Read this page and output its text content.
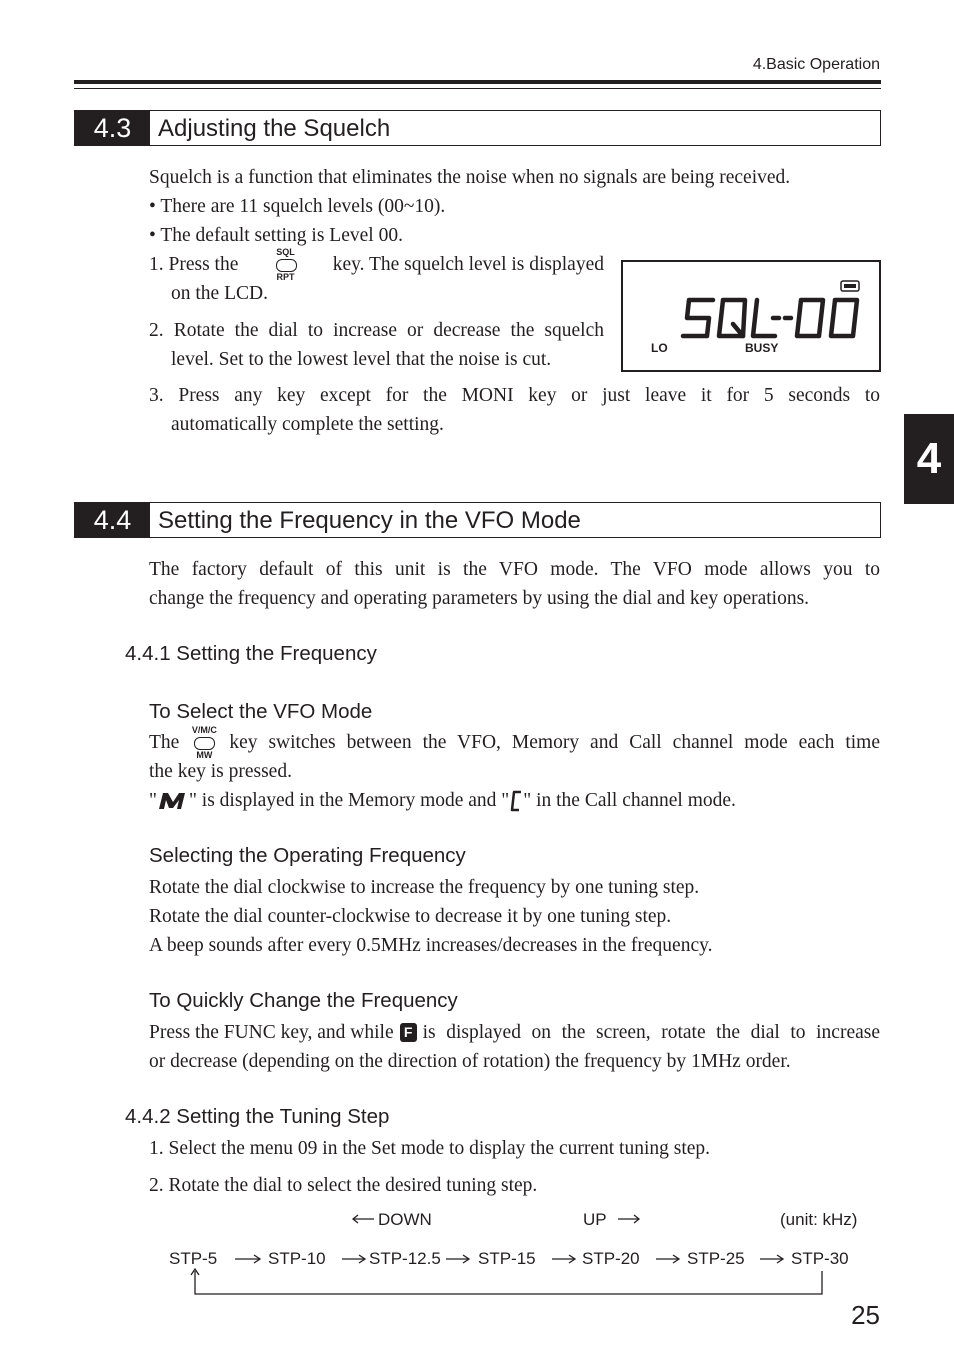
4.Basic Operation
4
4.3	Adjusting the Squelch
Squelch is a function that eliminates the noise when no signals are being received.
• There are 11 squelch levels (00~10).
• The default setting is Level 00.
1. Press the
SQL
RPT
key. The squelch level is displayed
on the LCD.
2. Rotate the dial to increase or decrease the squelch
level. Set to the lowest level that the noise is cut.
LO	BUSY
3. Press any key except for the MONI key or just leave it for 5 seconds to
automatically complete the setting.
4.4	Setting the Frequency in the VFO Mode
The factory default of this unit is the VFO mode. The VFO mode allows you to
change the frequency and operating parameters by using the dial and key operations.
4.4.1 Setting the Frequency
To Select the VFO Mode
The
V/M/C
MW
key switches between the VFO, Memory and Call channel mode each time
the key is pressed.
" " is displayed in the Memory mode and " " in the Call channel mode.
Selecting the Operating Frequency
Rotate the dial clockwise to increase the frequency by one tuning step.
Rotate the dial counter-clockwise to decrease it by one tuning step.
A beep sounds after every 0.5MHz increases/decreases in the frequency.
To Quickly Change the Frequency
Press the FUNC key, and while F is displayed on the screen, rotate the dial to increase
or decrease (depending on the direction of rotation) the frequency by 1MHz order.
4.4.2 Setting the Tuning Step
1. Select the menu 09 in the Set mode to display the current tuning step.
2. Rotate the dial to select the desired tuning step.
DOWN	UP	(unit: kHz)
STP-5	STP-10	STP-12.5 STP-15	STP-20	STP-25	STP-30
25
